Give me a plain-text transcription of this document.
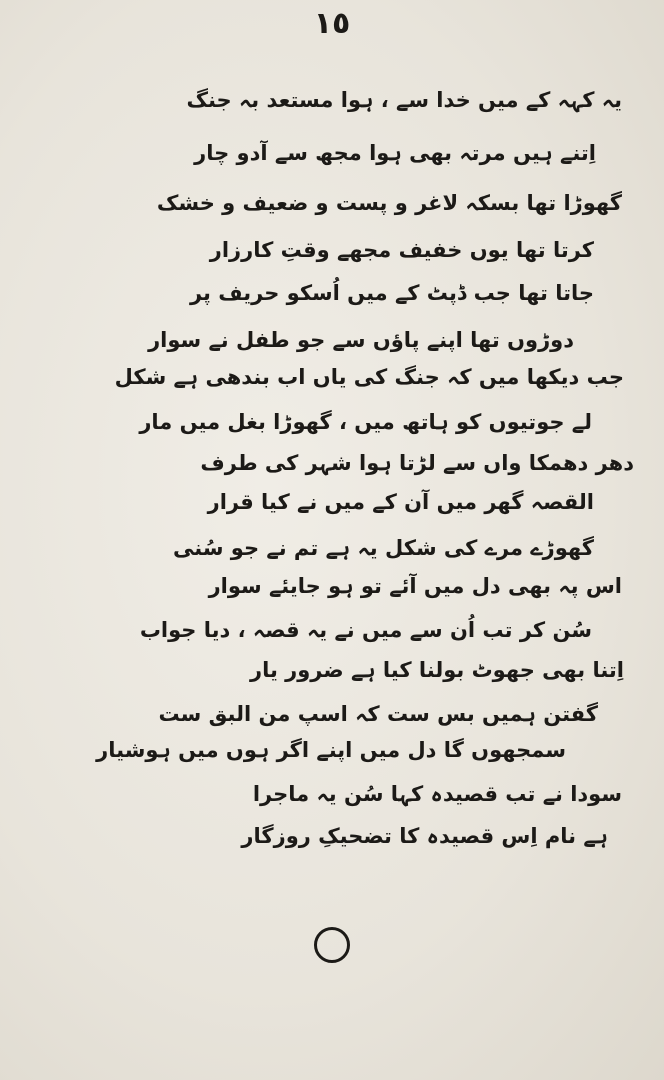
١٥
یہ کہہ کے میں خدا سے ، ہوا مستعد بہ جنگ
اِتنے ہیں مرتہ بھی ہوا مجھ سے آدو چار
گھوڑا تھا بسکہ لاغر و پست و ضعیف و خشک
کرتا تھا یوں خفیف مجھے وقتِ کارزار
جاتا تھا جب ڈپٹ کے میں اُسکو حریف پر
دوڑوں تھا اپنے پاؤں سے جو طفل نے سوار
جب دیکھا میں کہ جنگ کی یاں اب بندھی ہے شکل
لے جوتیوں کو ہاتھ میں ، گھوڑا بغل میں مار
دھر دھمکا واں سے لڑتا ہوا شہر کی طرف
القصہ گھر میں آن کے میں نے کیا قرار
گھوڑے مرے کی شکل یہ ہے تم نے جو سُنی
اس پہ بھی دل میں آئے تو ہو جایئے سوار
سُن کر تب اُن سے میں نے یہ قصہ ، دیا جواب
اِتنا بھی جھوٹ بولنا کیا ہے ضرور یار
گفتن ہمیں بس ست کہ اسپ من البق ست
سمجھوں گا دل میں اپنے اگر ہوں میں ہوشیار
سودا نے تب قصیدہ کہا سُن یہ ماجرا
ہے نام اِس قصیدہ کا تضحیکِ روزگار
